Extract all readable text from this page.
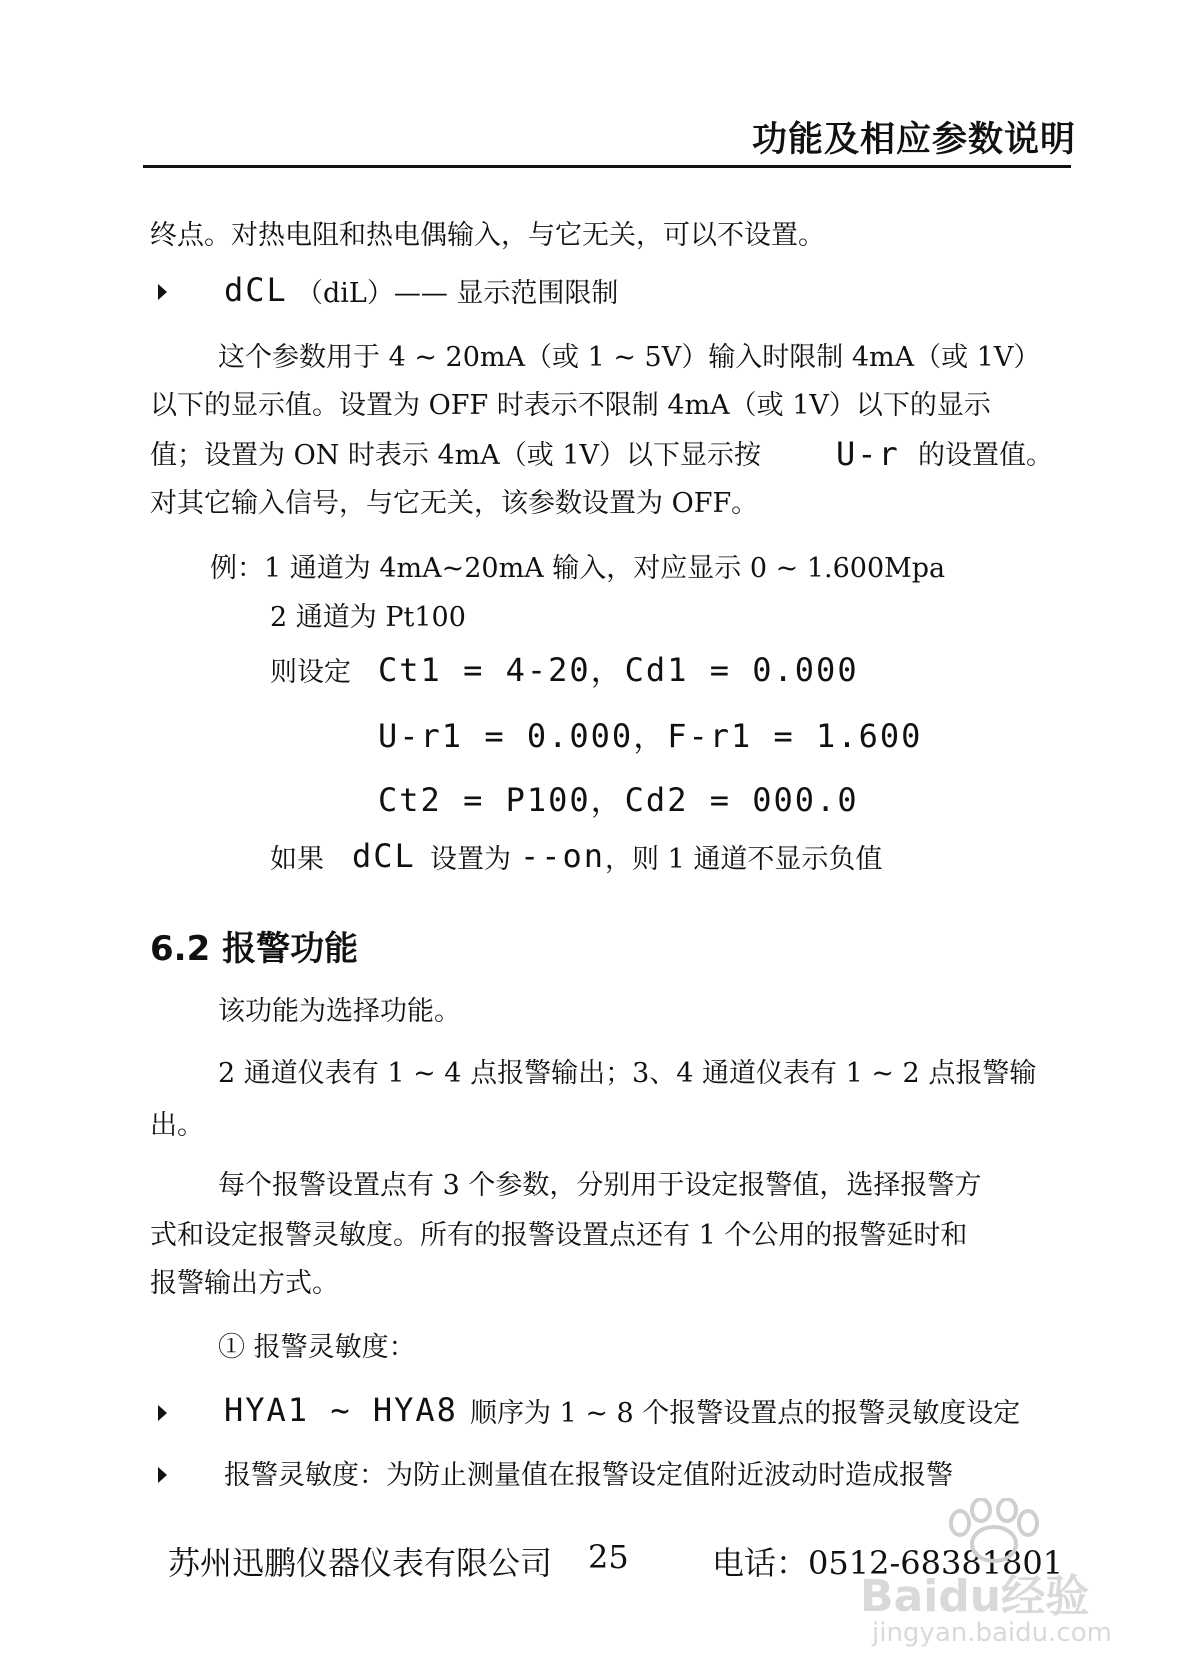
功能及相应参数说明
终点。对热电阻和热电偶输入，与它无关，可以不设置。
dCL （diL）—— 显示范围限制
这个参数用于 4 ~ 20mA（或 1 ~ 5V）输入时限制 4mA（或 1V）
以下的显示值。设置为 OFF 时表示不限制 4mA（或 1V）以下的显示
值；设置为 ON 时表示 4mA（或 1V）以下显示按 U-r 的设置值。
对其它输入信号，与它无关，该参数设置为 OFF。
例：1 通道为 4mA~20mA 输入，对应显示 0 ~ 1.600Mpa
2 通道为 Pt100
则设定 Ct1 = 4-20，Cd1 = 0.000
U-r1 = 0.000，F-r1 = 1.600
Ct2 = P100，Cd2 = 000.0
如果 dCL 设置为 --on ，则 1 通道不显示负值
6.2 报警功能
该功能为选择功能。
2 通道仪表有 1 ~ 4 点报警输出；3、4 通道仪表有 1 ~ 2 点报警输
出。
每个报警设置点有 3 个参数，分别用于设定报警值，选择报警方
式和设定报警灵敏度。所有的报警设置点还有 1 个公用的报警延时和
报警输出方式。
① 报警灵敏度：
HYA1 ~ HYA8 顺序为 1 ~ 8 个报警设置点的报警灵敏度设定
报警灵敏度：为防止测量值在报警设定值附近波动时造成报警
苏州迅鹏仪器仪表有限公司 25	电话：0512-68381801
Baidu经验
jingyan.baidu.com
